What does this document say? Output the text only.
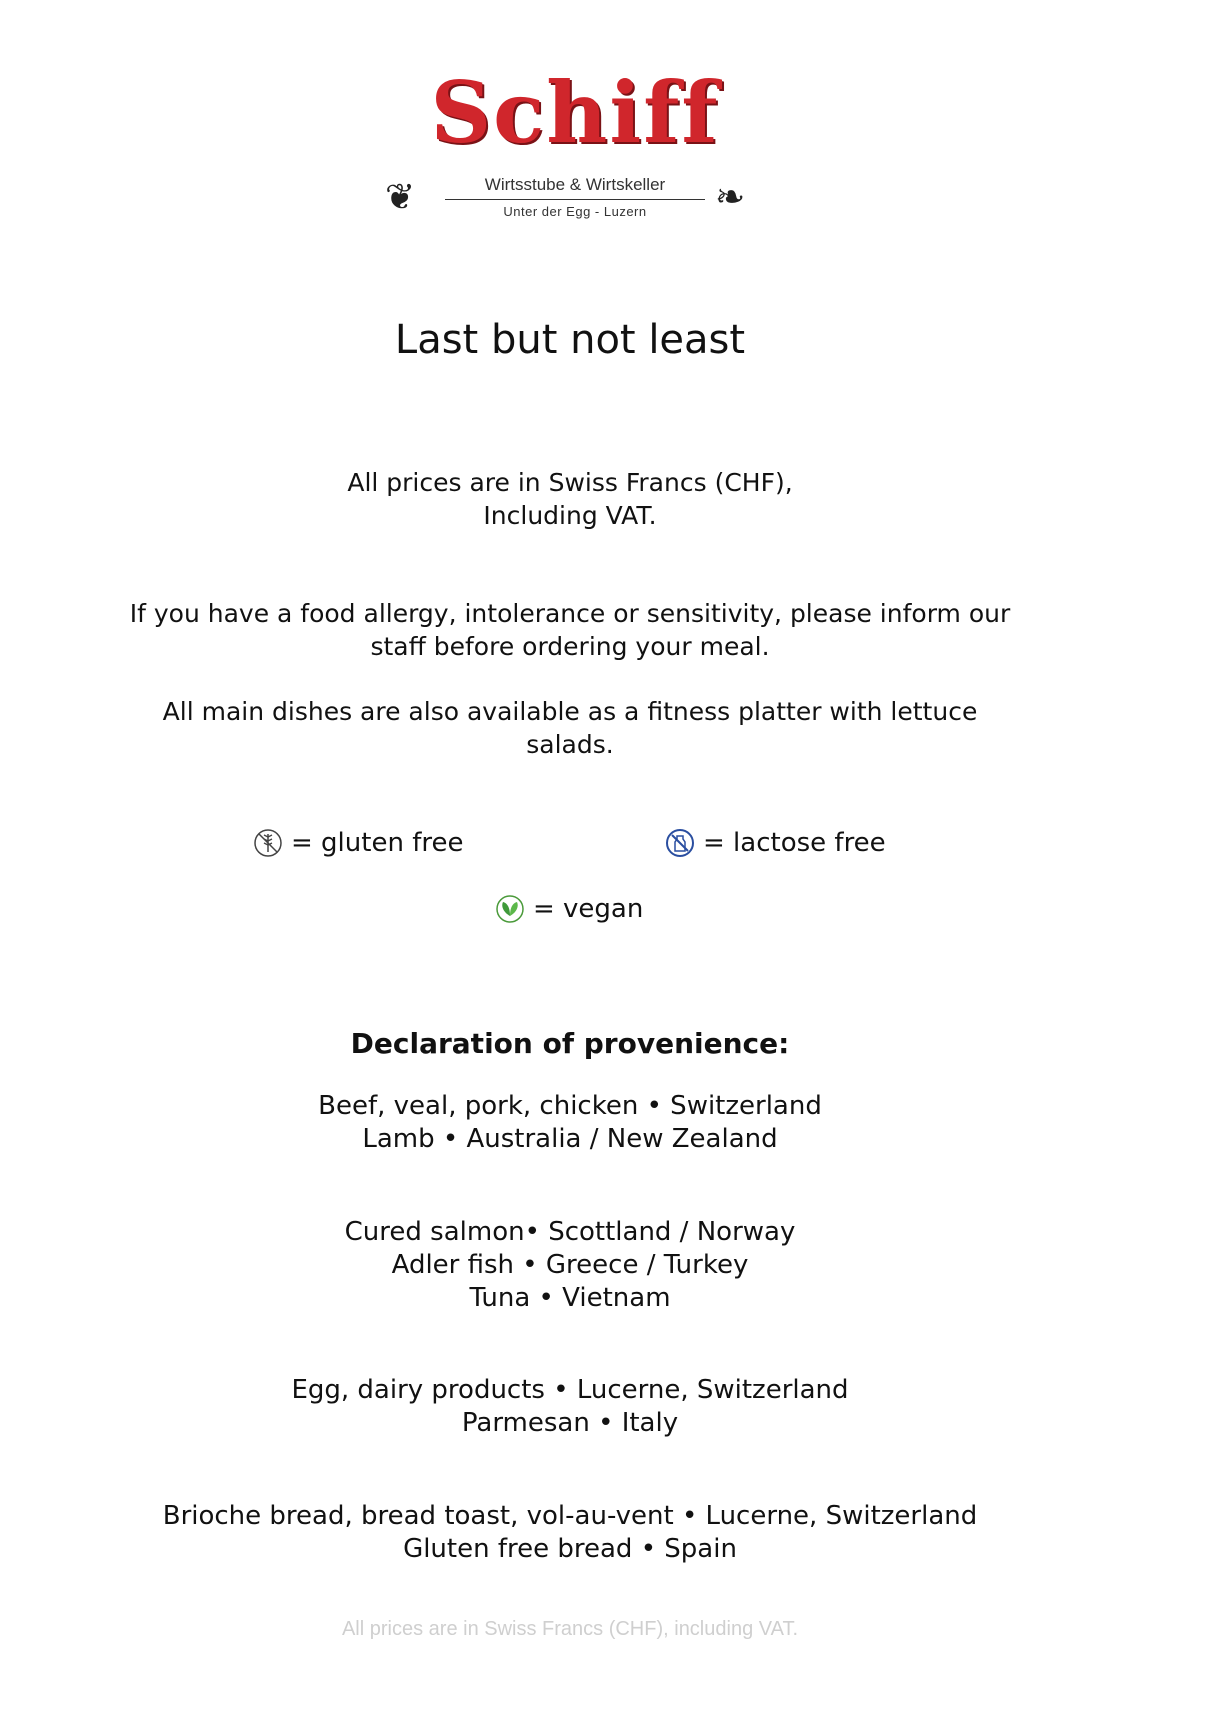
Schiff
❦	Wirtsstube & Wirtskeller
Unter der Egg - Luzern	❧
Last but not least
All prices are in Swiss Francs (CHF),
Including VAT.
If you have a food allergy, intolerance or sensitivity, please inform our
staff before ordering your meal.
All main dishes are also available as a fitness platter with lettuce
salads.
= gluten free	= lactose free
= vegan
Declaration of provenience:
Beef, veal, pork, chicken • Switzerland
Lamb • Australia / New Zealand
Cured salmon• Scottland / Norway
Adler fish • Greece / Turkey
Tuna • Vietnam
Egg, dairy products • Lucerne, Switzerland
Parmesan • Italy
Brioche bread, bread toast, vol-au-vent • Lucerne, Switzerland
Gluten free bread • Spain
All prices are in Swiss Francs (CHF), including VAT.
